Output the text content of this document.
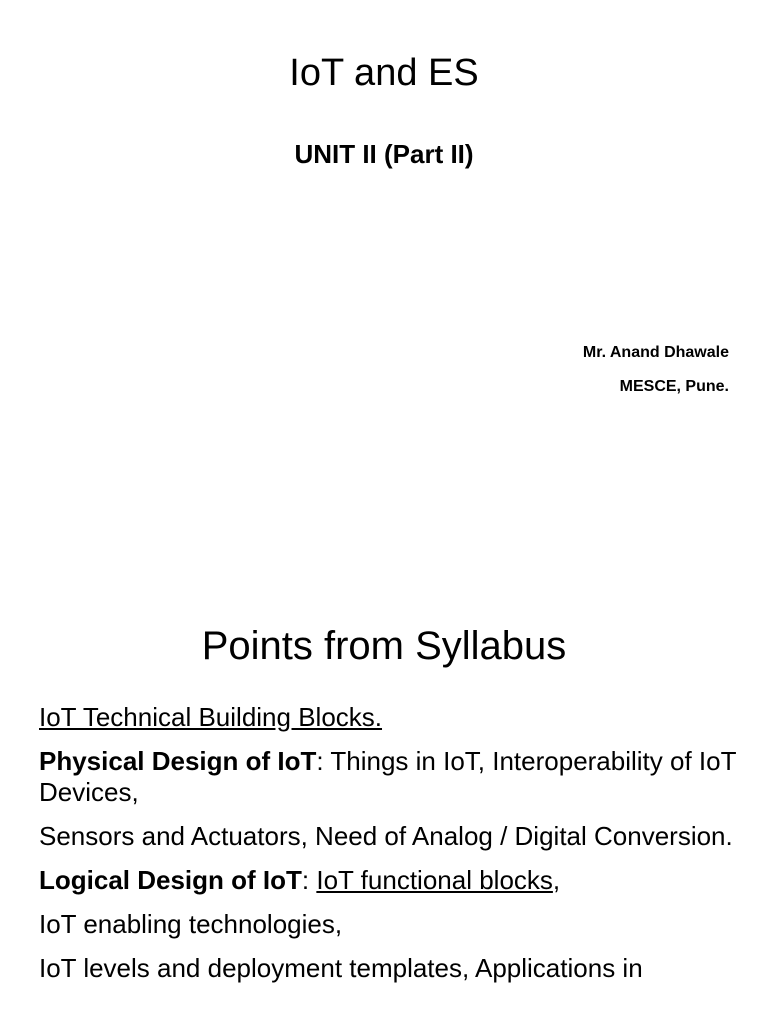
IoT and ES
UNIT II (Part II)
Mr. Anand Dhawale
MESCE, Pune.
Points from Syllabus

IoT Technical Building Blocks.

Physical Design of IoT: Things in IoT, Interoperability of IoT Devices,

Sensors and Actuators, Need of Analog / Digital Conversion.

Logical Design of IoT: IoT functional blocks,

IoT enabling technologies,

IoT levels and deployment templates, Applications in
